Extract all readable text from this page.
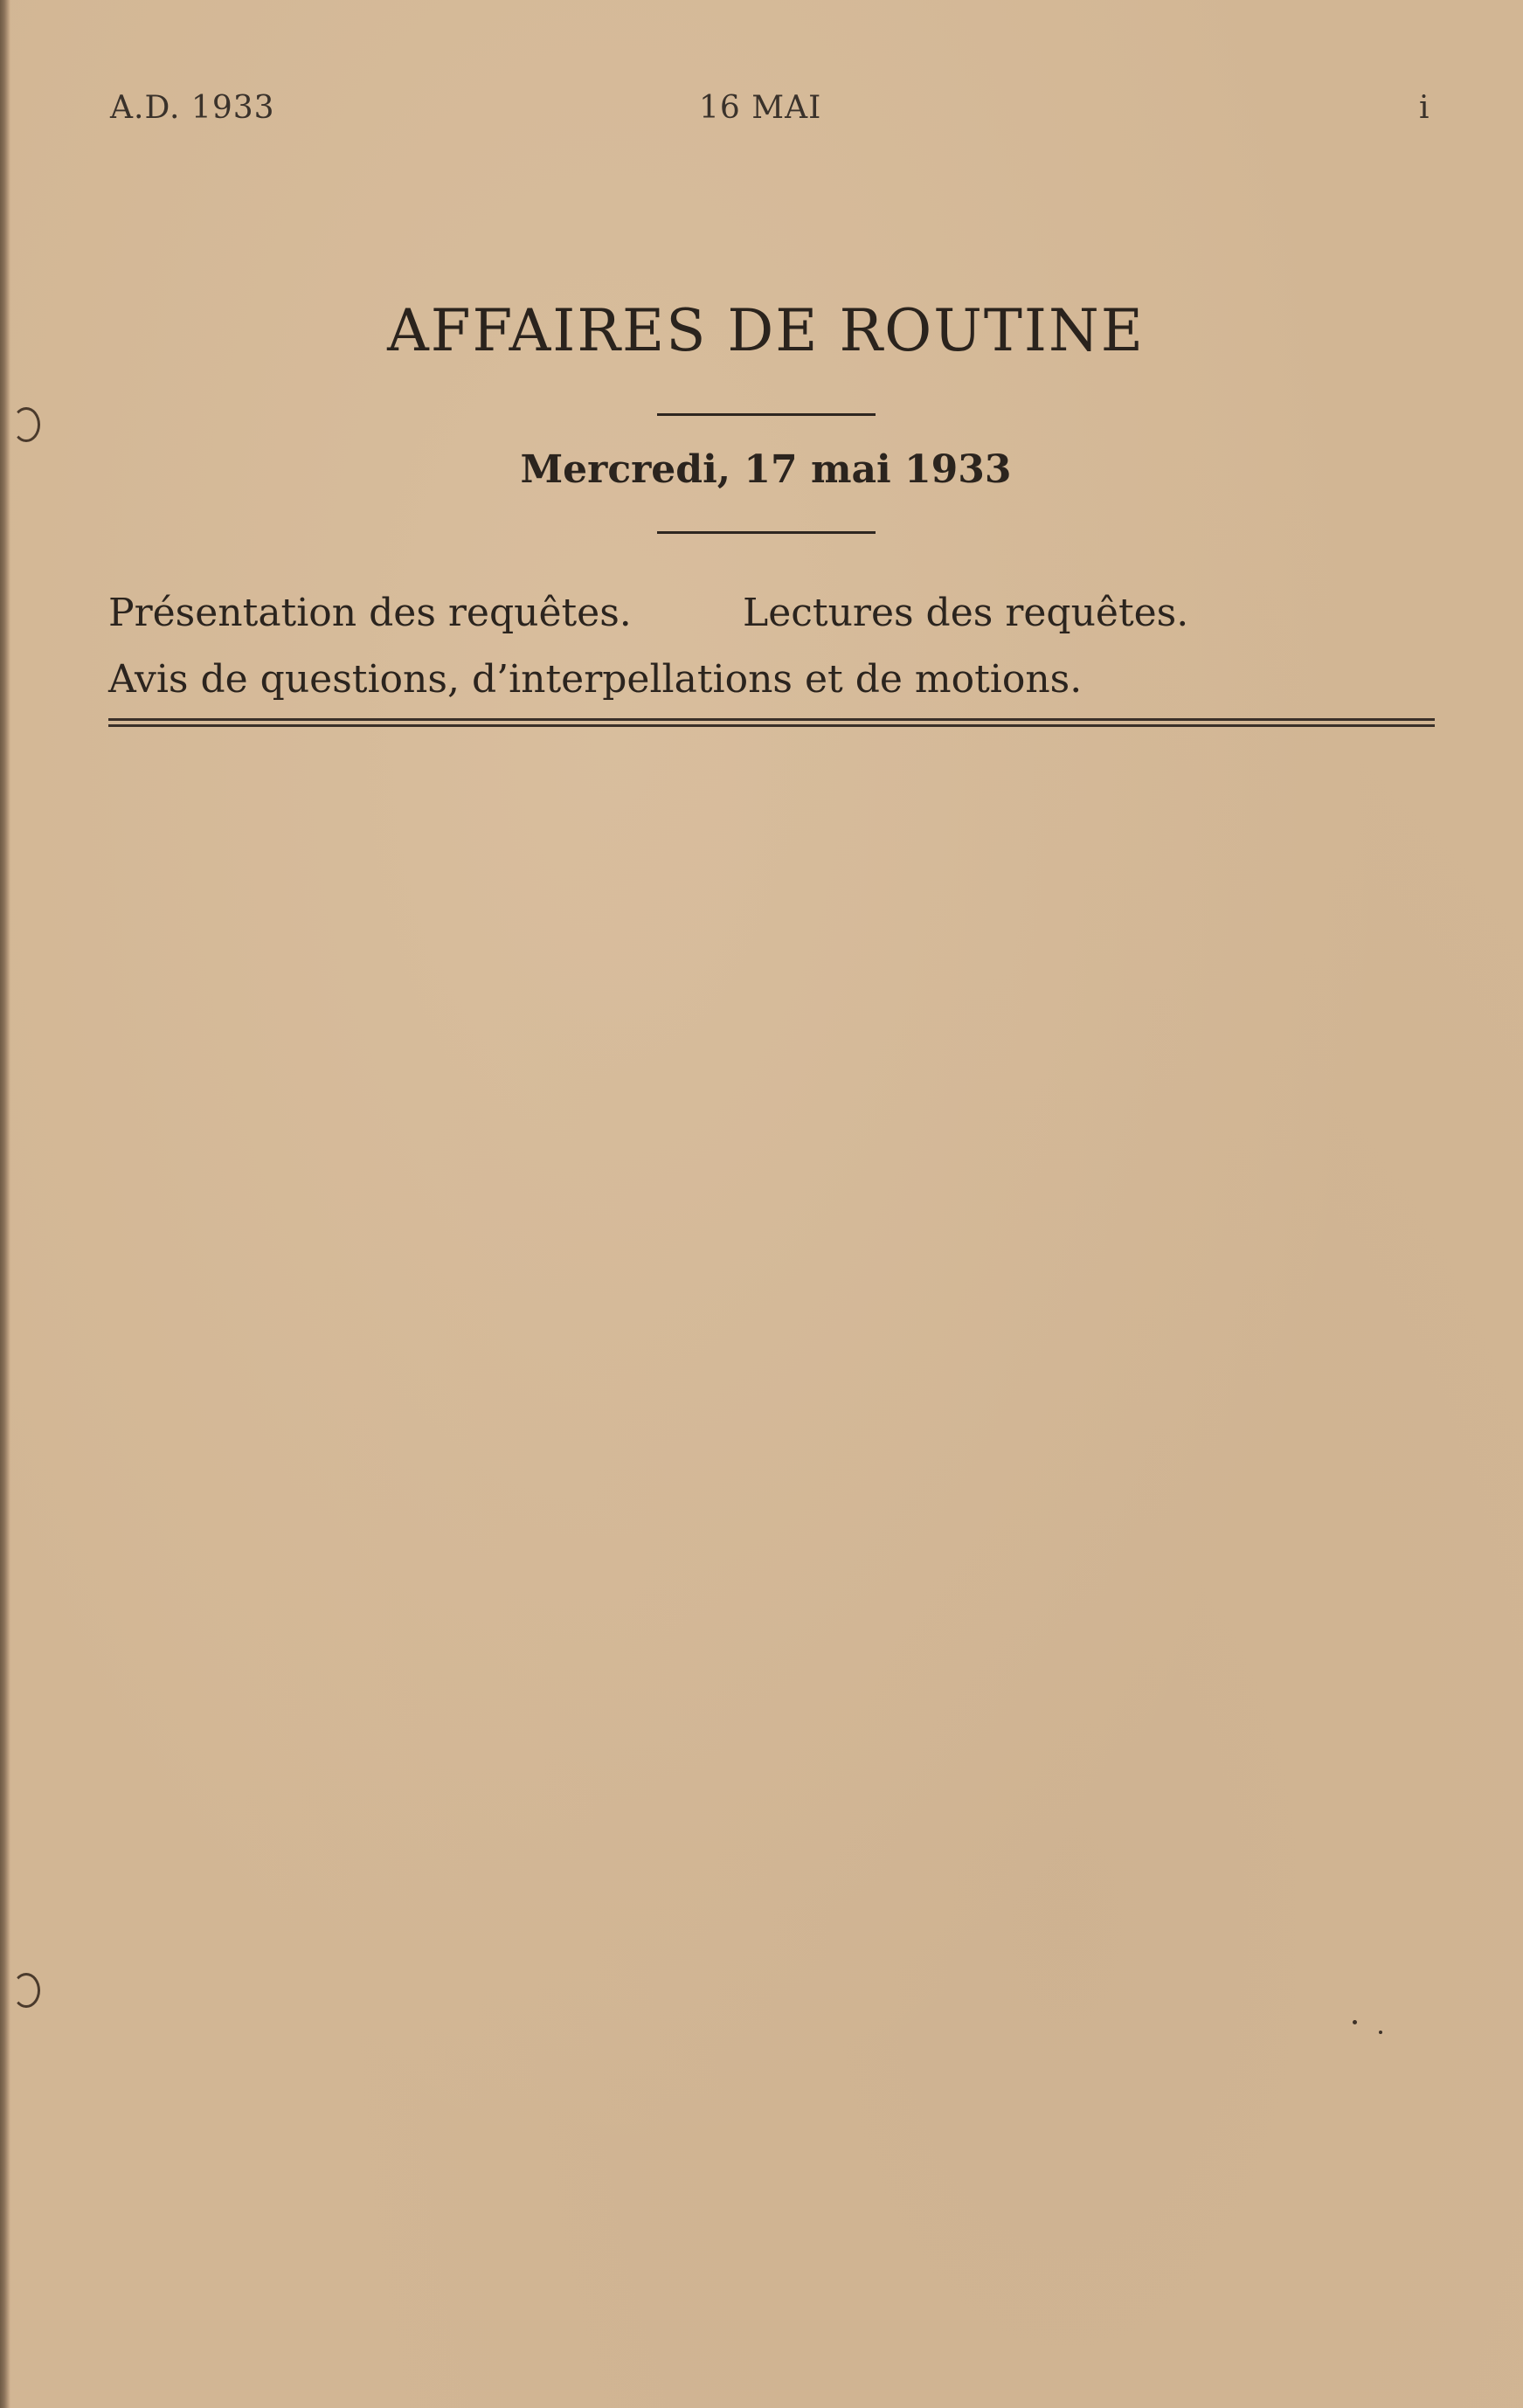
A.D. 1933	16 MAI	i
AFFAIRES DE ROUTINE
Mercredi, 17 mai 1933
Présentation des requêtes.	Lectures des requêtes.
Avis de questions, d’interpellations et de motions.
